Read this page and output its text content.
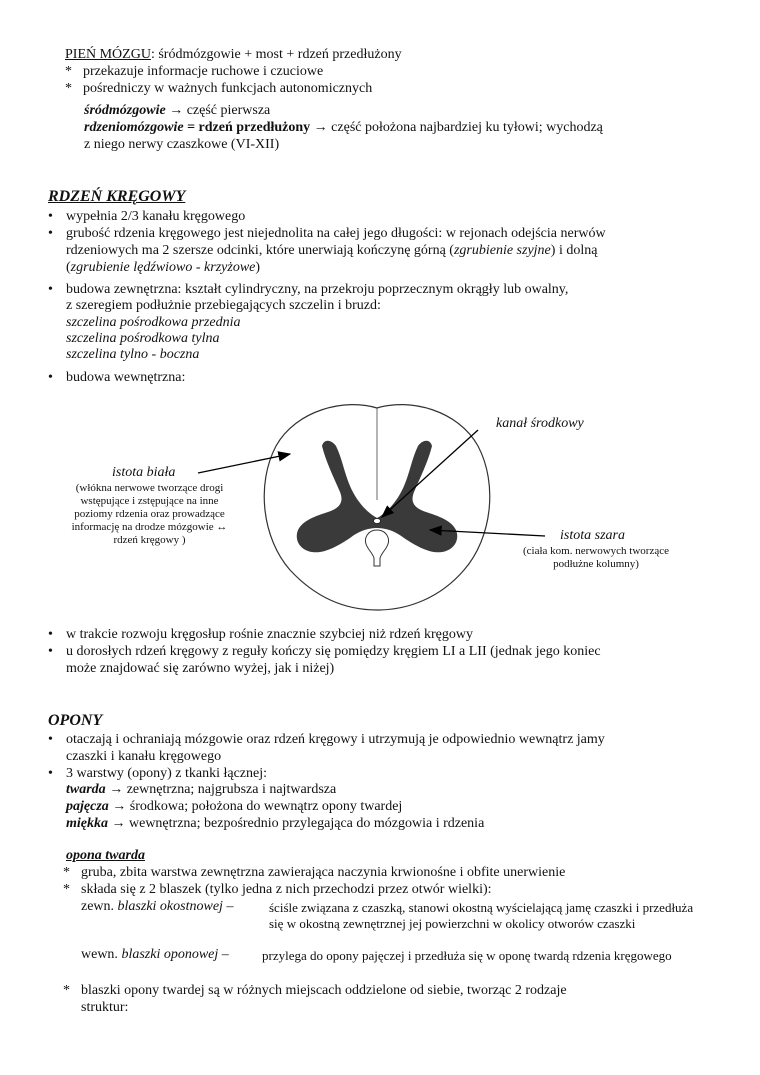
PIEŃ MÓZGU: śródmózgowie + most + rdzeń przedłużony
* przekazuje informacje ruchowe i czuciowe
* pośredniczy w ważnych funkcjach autonomicznych
śródmózgowie → część pierwsza
rdzeniomózgowie = rdzeń przedłużony → część położona najbardziej ku tyłowi; wychodzą
z niego nerwy czaszkowe (VI-XII)
RDZEŃ KRĘGOWY
• wypełnia 2/3 kanału kręgowego
• grubość rdzenia kręgowego jest niejednolita na całej jego długości: w rejonach odejścia nerwów
rdzeniowych ma 2 szersze odcinki, które unerwiają kończynę górną (zgrubienie szyjne) i dolną
(zgrubienie lędźwiowo - krzyżowe)
• budowa zewnętrzna: kształt cylindryczny, na przekroju poprzecznym okrągły lub owalny,
z szeregiem podłużnie przebiegających szczelin i bruzd:
szczelina pośrodkowa przednia
szczelina pośrodkowa tylna
szczelina tylno - boczna
• budowa wewnętrzna:
kanał środkowy
istota biała
(włókna nerwowe tworzące drogi wstępujące i zstępujące na inne poziomy rdzenia oraz prowadzące informację na drodze mózgowie ↔ rdzeń kręgowy )	istota szara
(ciała kom. nerwowych tworzące podłużne kolumny)
• w trakcie rozwoju kręgosłup rośnie znacznie szybciej niż rdzeń kręgowy
• u dorosłych rdzeń kręgowy z reguły kończy się pomiędzy kręgiem LI a LII (jednak jego koniec
może znajdować się zarówno wyżej, jak i niżej)
OPONY
• otaczają i ochraniają mózgowie oraz rdzeń kręgowy i utrzymują je odpowiednio wewnątrz jamy
czaszki i kanału kręgowego
• 3 warstwy (opony) z tkanki łącznej:
twarda → zewnętrzna; najgrubsza i najtwardsza
pajęcza → środkowa; położona do wewnątrz opony twardej
miękka → wewnętrzna; bezpośrednio przylegająca do mózgowia i rdzenia
opona twarda
* gruba, zbita warstwa zewnętrzna zawierająca naczynia krwionośne i obfite unerwienie
* składa się z 2 blaszek (tylko jedna z nich przechodzi przez otwór wielki):
zewn. blaszki okostnowej –	ściśle związana z czaszką, stanowi okostną wyścielającą jamę czaszki i przedłuża się w okostną zewnętrznej jej powierzchni w okolicy otworów czaszki
wewn. blaszki oponowej –	przylega do opony pajęczej i przedłuża się w oponę twardą rdzenia kręgowego
* blaszki opony twardej są w różnych miejscach oddzielone od siebie, tworząc 2 rodzaje
struktur:
